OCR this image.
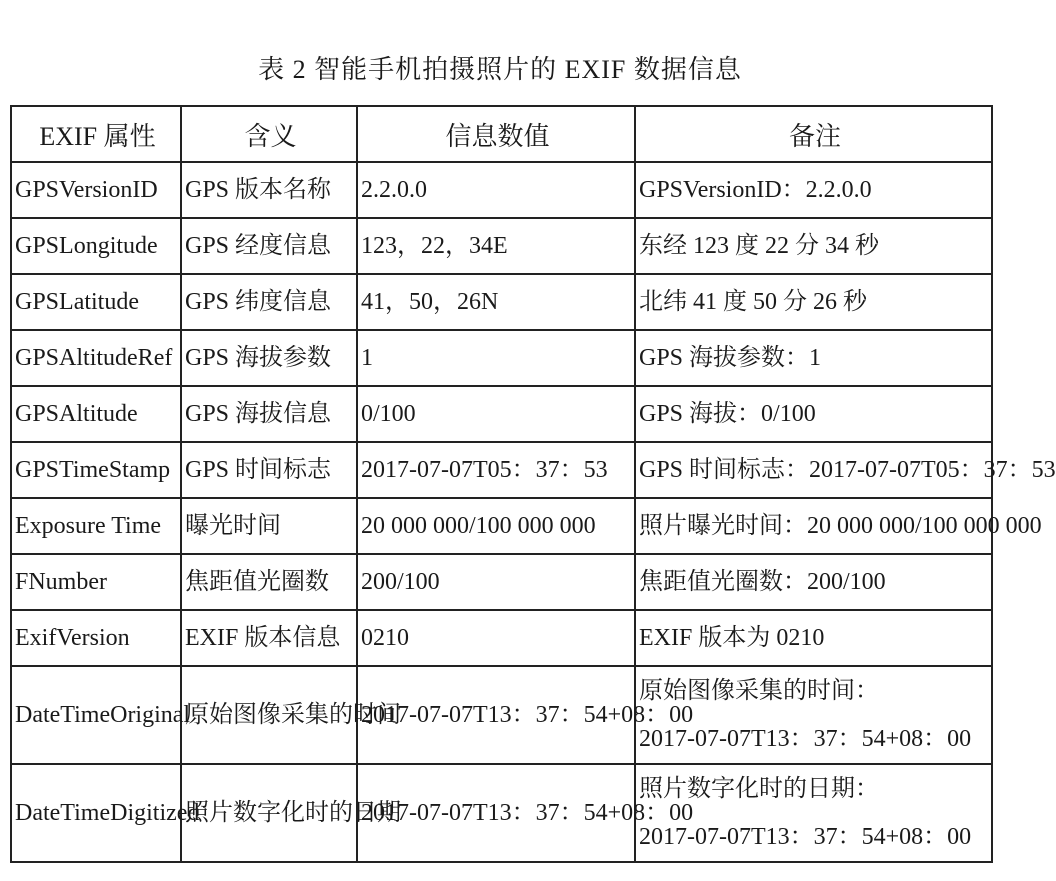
表 2 智能手机拍摄照片的 EXIF 数据信息
EXIF 属性	含义	信息数值	备注
GPSVersionID	GPS 版本名称	2.2.0.0	GPSVersionID：2.2.0.0

GPSLongitude	GPS 经度信息	123，22，34E	东经 123 度 22 分 34 秒

GPSLatitude	GPS 纬度信息	41，50，26N	北纬 41 度 50 分 26 秒

GPSAltitudeRef	GPS 海拔参数	1	GPS 海拔参数：1

GPSAltitude	GPS 海拔信息	0/100	GPS 海拔：0/100

GPSTimeStamp	GPS 时间标志	2017-07-07T05：37：53	GPS 时间标志：2017-07-07T05：37：53

Exposure Time	曝光时间	20 000 000/100 000 000	照片曝光时间：20 000 000/100 000 000

FNumber	焦距值光圈数	200/100	焦距值光圈数：200/100

ExifVersion	EXIF 版本信息	0210	EXIF 版本为 0210

DateTimeOriginal	原始图像采集的时间	2017-07-07T13：37：54+08：00	原始图像采集的时间：
2017-07-07T13：37：54+08：00

DateTimeDigitized	照片数字化时的日期	2017-07-07T13：37：54+08：00	照片数字化时的日期：
2017-07-07T13：37：54+08：00
